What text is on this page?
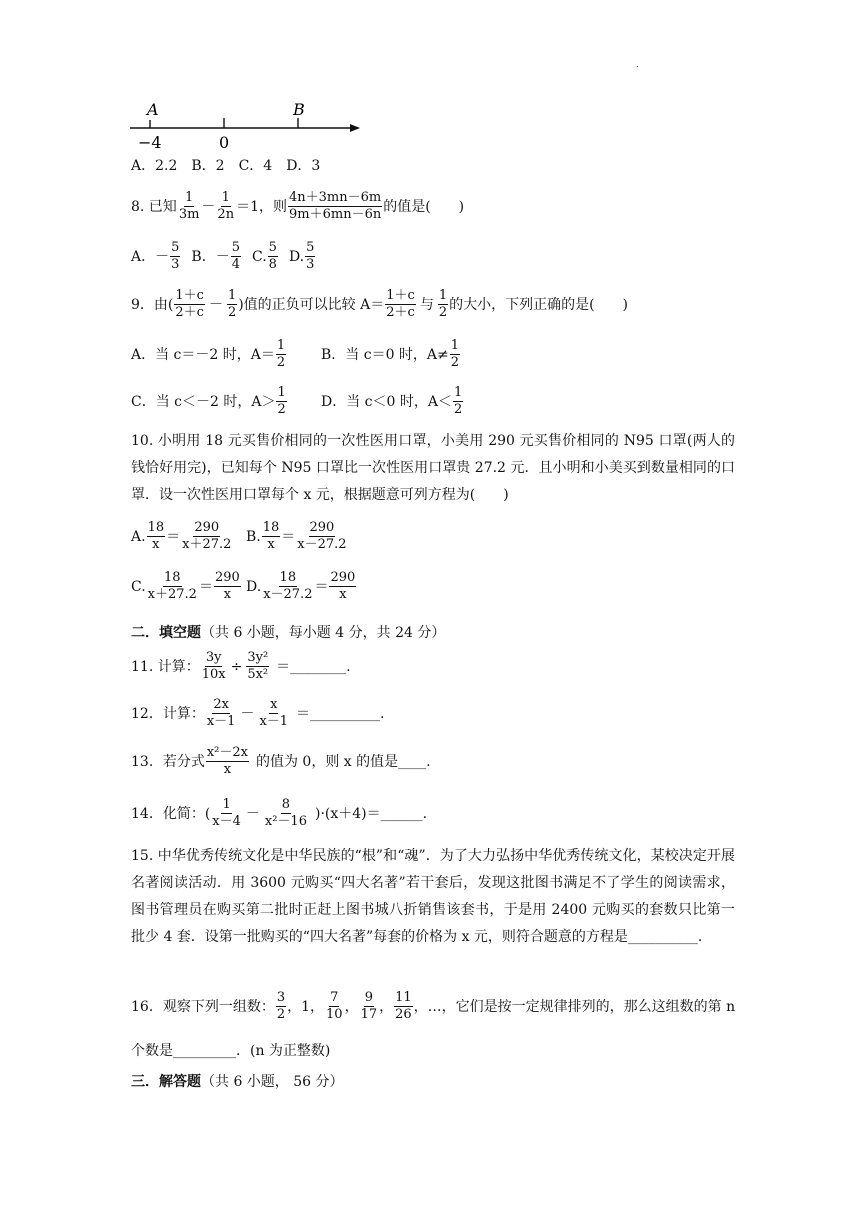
.
A	B
−4	0
A．2.2　B．2　C．4　D．3
8. 已知 $\frac{1}{3m} - \frac{1}{2n} =1$，则 $\frac{4n+3mn-6m}{9m+6mn-6n}$ 的值是(　　)
A．－ $\frac{5}{3}$ B．－ $\frac{5}{4} C$. $\frac{5}{8} D$. $\frac{5}{3}$
9．由( $\frac{1+c}{2+c} - \frac{1}{2}$ )值的正负可以比较 $A= \frac{1+c}{2+c}$ 与 $\frac{1}{2}$ 的大小，下列正确的是(　　)
A．当 c＝－2 时，$A= \frac{1}{2}$ B．当 c＝0 时，$A\ne \frac{1}{2}$
C．当 c＜－2 时，$A> \frac{1}{2}$ D．当 c＜0 时，$A< \frac{1}{2}$
10. 小明用 18 元买售价相同的一次性医用口罩，小美用 290 元买售价相同的 N95 口罩(两人的钱恰好用完)，已知每个 N95 口罩比一次性医用口罩贵 27.2 元．且小明和小美买到数量相同的口罩．设一次性医用口罩每个 x 元，根据题意可列方程为(　　)
A. $\frac{18}{x} = \frac{290}{x+27.2} B$. $\frac{18}{x} = \frac{290}{x-27.2}$
C. $\frac{18}{x+27.2} = \frac{290}{x} D$. $\frac{18}{x-27.2} = \frac{290}{x}$
二．填空题（共 6 小题，每小题 4 分，共 24 分）
11. 计算： $\frac{3y}{10x} \div \frac{\text{3y²}}{\text{5x²}}$ ＝________.
12．计算： $\frac{2x}{x-1} - \frac{x}{x-1}$ ＝__________.
13．若分式 $\frac{\text{x²－2x}}{x}$ 的值为 0，则 x 的值是____.
14．化简：( $\frac{1}{x-4} - \frac{8}{\text{x²－16}}$ )·(x＋4)＝______.
15. 中华优秀传统文化是中华民族的“根”和“魂”．为了大力弘扬中华优秀传统文化，某校决定开展名著阅读活动．用 3600 元购买“四大名著”若干套后，发现这批图书满足不了学生的阅读需求，图书管理员在购买第二批时正赶上图书城八折销售该套书，于是用 2400 元购买的套数只比第一批少 4 套．设第一批购买的“四大名著”每套的价格为 x 元，则符合题意的方程是__________．
16．观察下列一组数： $\frac{3}{2}$ ，1， $\frac{7}{10}$ ， $\frac{9}{17}$ ， $\frac{11}{26}$ ，…，它们是按一定规律排列的，那么这组数的第 n
个数是_________．(n 为正整数)
三．解答题（共 6 小题， 56 分）
